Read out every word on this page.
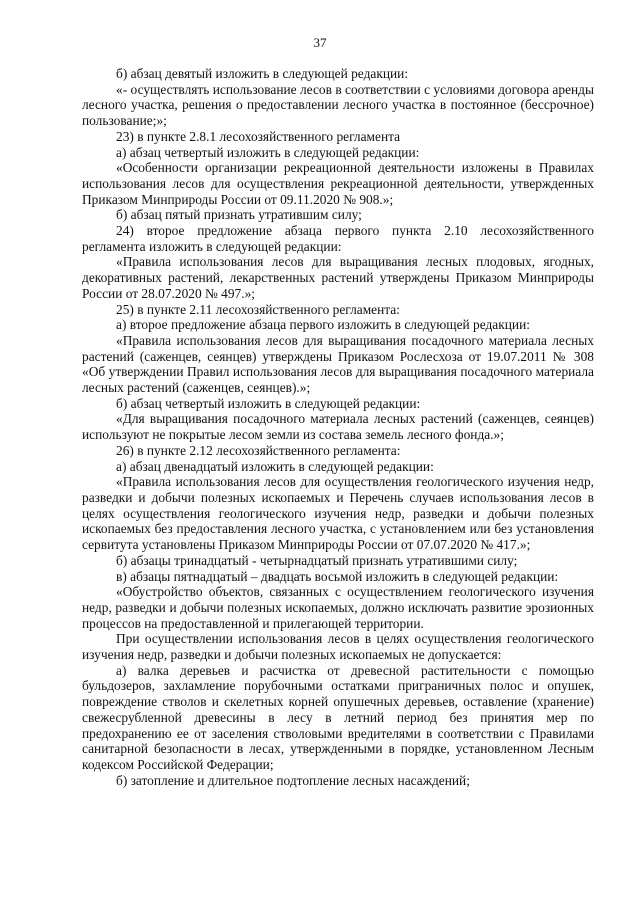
37

б) абзац девятый изложить в следующей редакции:

«- осуществлять использование лесов в соответствии с условиями договора аренды лесного участка, решения о предоставлении лесного участка в постоянное (бессрочное) пользование;»;

23) в пункте 2.8.1 лесохозяйственного регламента

а) абзац четвертый изложить в следующей редакции:

«Особенности организации рекреационной деятельности изложены в Правилах использования лесов для осуществления рекреационной деятельности, утвержденных Приказом Минприроды России от 09.11.2020 № 908.»;

б) абзац пятый признать утратившим силу;

24) второе предложение абзаца первого пункта 2.10 лесохозяйственного регламента изложить в следующей редакции:

«Правила использования лесов для выращивания лесных плодовых, ягодных, декоративных растений, лекарственных растений утверждены Приказом Минприроды России от 28.07.2020 № 497.»;

25) в пункте 2.11 лесохозяйственного регламента:

а) второе предложение абзаца первого изложить в следующей редакции:

«Правила использования лесов для выращивания посадочного материала лесных растений (саженцев, сеянцев) утверждены Приказом Рослесхоза от 19.07.2011 № 308 «Об утверждении Правил использования лесов для выращивания посадочного материала лесных растений (саженцев, сеянцев).»;

б) абзац четвертый изложить в следующей редакции:

«Для выращивания посадочного материала лесных растений (саженцев, сеянцев) используют не покрытые лесом земли из состава земель лесного фонда.»;

26) в пункте 2.12 лесохозяйственного регламента:

а) абзац двенадцатый изложить в следующей редакции:

«Правила использования лесов для осуществления геологического изучения недр, разведки и добычи полезных ископаемых и Перечень случаев использования лесов в целях осуществления геологического изучения недр, разведки и добычи полезных ископаемых без предоставления лесного участка, с установлением или без установления сервитута установлены Приказом Минприроды России от 07.07.2020 № 417.»;

б) абзацы тринадцатый - четырнадцатый признать утратившими силу;

в) абзацы пятнадцатый – двадцать восьмой изложить в следующей редакции:

«Обустройство объектов, связанных с осуществлением геологического изучения недр, разведки и добычи полезных ископаемых, должно исключать развитие эрозионных процессов на предоставленной и прилегающей территории.

При осуществлении использования лесов в целях осуществления геологического изучения недр, разведки и добычи полезных ископаемых не допускается:

а) валка деревьев и расчистка от древесной растительности с помощью бульдозеров, захламление порубочными остатками приграничных полос и опушек, повреждение стволов и скелетных корней опушечных деревьев, оставление (хранение) свежесрубленной древесины в лесу в летний период без принятия мер по предохранению ее от заселения стволовыми вредителями в соответствии с Правилами санитарной безопасности в лесах, утвержденными в порядке, установленном Лесным кодексом Российской Федерации;

б) затопление и длительное подтопление лесных насаждений;
